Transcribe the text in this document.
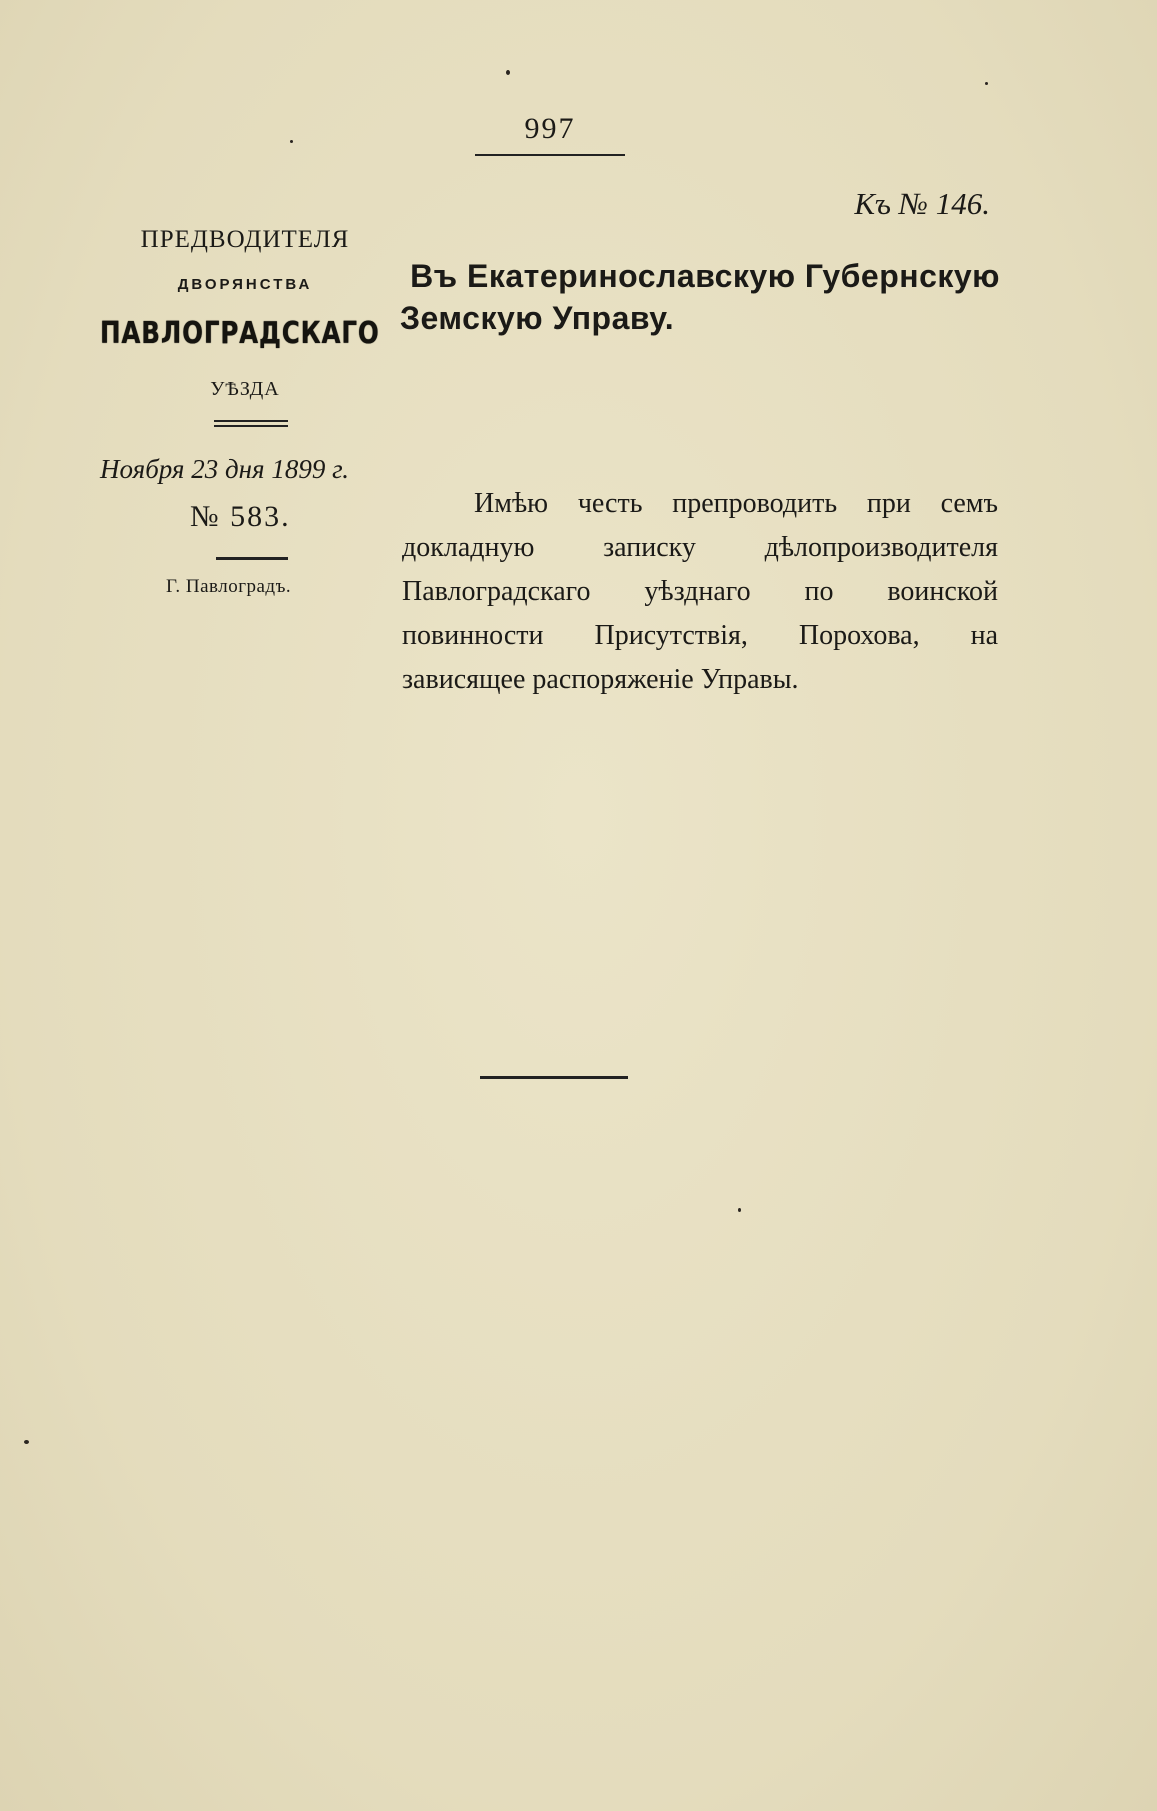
997
Къ № 146.
ПРЕДВОДИТЕЛЯ
ДВОРЯНСТВА
ПАВЛОГРАДСКАГО
УѢЗДА
Въ Екатеринославскую Губернскую
Земскую Управу.
Ноября 23 дня 1899 г.
№ 583.
Г. Павлоградъ.
Имѣю честь препроводить при семъ
докладную записку дѣлопроизводителя
Павлоградскаго уѣзднаго по воинской
повинности Присутствія, Порохова, на
зависящее распоряженіе Управы.
